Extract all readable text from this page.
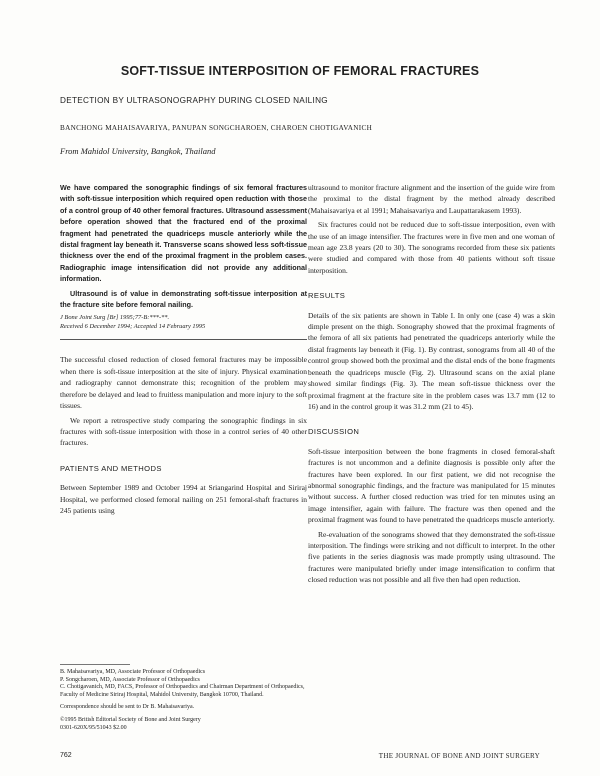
SOFT-TISSUE INTERPOSITION OF FEMORAL FRACTURES
DETECTION BY ULTRASONOGRAPHY DURING CLOSED NAILING
BANCHONG MAHAISAVARIYA, PANUPAN SONGCHAROEN, CHAROEN CHOTIGAVANICH
From Mahidol University, Bangkok, Thailand

We have compared the sonographic findings of six femoral fractures with soft-tissue interposition which required open reduction with those of a control group of 40 other femoral fractures. Ultrasound assessment before operation showed that the fractured end of the proximal fragment had penetrated the quadriceps muscle anteriorly while the distal fragment lay beneath it. Transverse scans showed less soft-tissue thickness over the end of the proximal fragment in the problem cases. Radiographic image intensification did not provide any additional information.

Ultrasound is of value in demonstrating soft-tissue interposition at the fracture site before femoral nailing.

J Bone Joint Surg [Br] 1995;77-B:***-**.
Received 6 December 1994; Accepted 14 February 1995

The successful closed reduction of closed femoral fractures may be impossible when there is soft-tissue interposition at the site of injury. Physical examination and radiography cannot demonstrate this; recognition of the problem may therefore be delayed and lead to fruitless manipulation and more injury to the soft tissues.

We report a retrospective study comparing the sonographic findings in six fractures with soft-tissue interposition with those in a control series of 40 other fractures.

PATIENTS AND METHODS

Between September 1989 and October 1994 at Sriangarind Hospital and Siriraj Hospital, we performed closed femoral nailing on 251 femoral-shaft fractures in 245 patients using

ultrasound to monitor fracture alignment and the insertion of the guide wire from the proximal to the distal fragment by the method already described (Mahaisavariya et al 1991; Mahaisavariya and Laupattarakasem 1993).

Six fractures could not be reduced due to soft-tissue interposition, even with the use of an image intensifier. The fractures were in five men and one woman of mean age 23.8 years (20 to 30). The sonograms recorded from these six patients were studied and compared with those from 40 patients without soft tissue interposition.

RESULTS

Details of the six patients are shown in Table I. In only one (case 4) was a skin dimple present on the thigh. Sonography showed that the proximal fragments of the femora of all six patients had penetrated the quadriceps anteriorly while the distal fragments lay beneath it (Fig. 1). By contrast, sonograms from all 40 of the control group showed both the proximal and the distal ends of the bone fragments beneath the quadriceps muscle (Fig. 2). Ultrasound scans on the axial plane showed similar findings (Fig. 3). The mean soft-tissue thickness over the proximal fragment at the fracture site in the problem cases was 13.7 mm (12 to 16) and in the control group it was 31.2 mm (21 to 45).

DISCUSSION

Soft-tissue interposition between the bone fragments in closed femoral-shaft fractures is not uncommon and a definite diagnosis is possible only after the fractures have been explored. In our first patient, we did not recognise the abnormal sonographic findings, and the fracture was manipulated for 15 minutes without success. A further closed reduction was tried for ten minutes using an image intensifier, again with failure. The fracture was then opened and the proximal fragment was found to have penetrated the quadriceps muscle anteriorly.

Re-evaluation of the sonograms showed that they demonstrated the soft-tissue interposition. The findings were striking and not difficult to interpret. In the other five patients in the series diagnosis was made promptly using ultrasound. The fractures were manipulated briefly under image intensification to confirm that closed reduction was not possible and all five then had open reduction.

B. Mahaisavariya, MD, Associate Professor of Orthopaedics
P. Songcharoen, MD, Associate Professor of Orthopaedics
C. Chotigavanich, MD, FACS, Professor of Orthopaedics and Chairman Department of Orthopaedics, Faculty of Medicine Siriraj Hospital, Mahidol University, Bangkok 10700, Thailand.
Correspondence should be sent to Dr B. Mahaisavariya.
©1995 British Editorial Society of Bone and Joint Surgery
0301-620X/95/51043 $2.00
762	THE JOURNAL OF BONE AND JOINT SURGERY
